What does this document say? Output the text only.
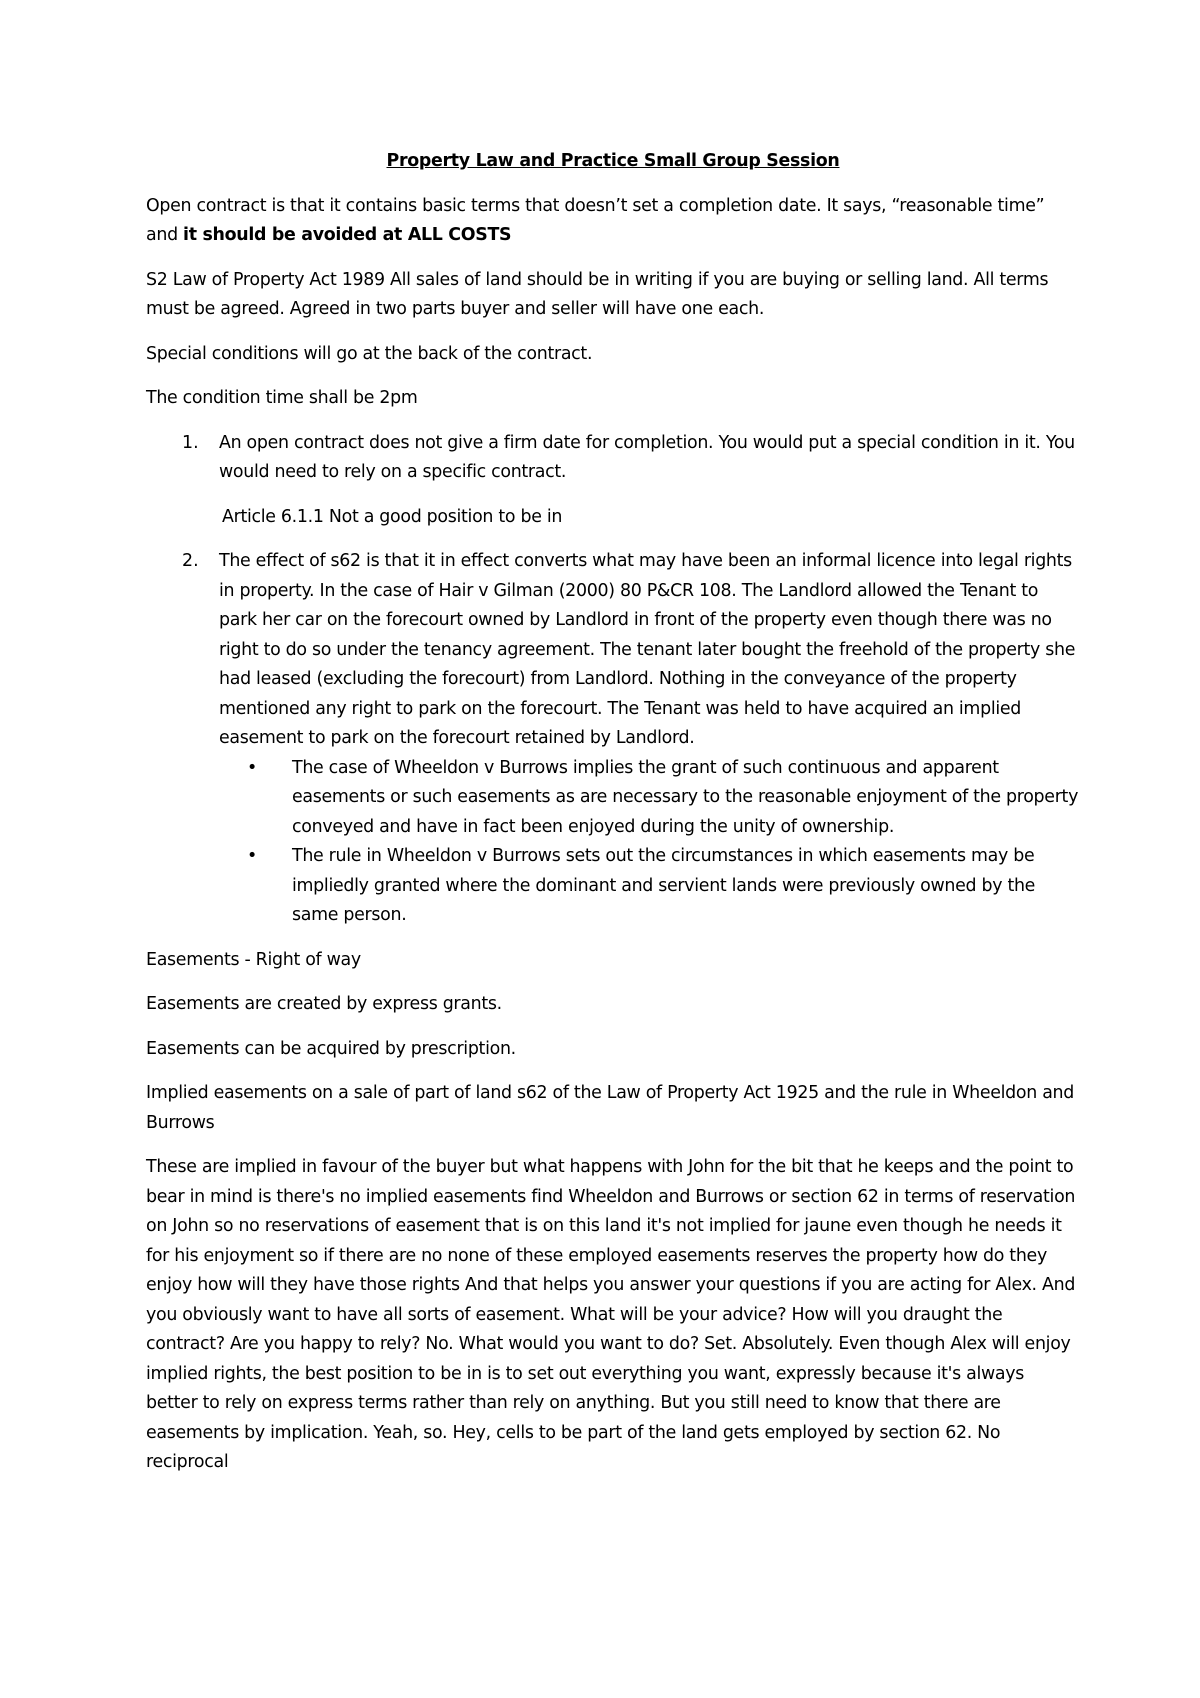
Property Law and Practice Small Group Session
Open contract is that it contains basic terms that doesn’t set a completion date. It says, “reasonable time” and it should be avoided at ALL COSTS
S2 Law of Property Act 1989 All sales of land should be in writing if you are buying or selling land. All terms must be agreed. Agreed in two parts buyer and seller will have one each.
Special conditions will go at the back of the contract.
The condition time shall be 2pm
1. An open contract does not give a firm date for completion. You would put a special condition in it. You would need to rely on a specific contract.
Article 6.1.1 Not a good position to be in
2. The effect of s62 is that it in effect converts what may have been an informal licence into legal rights in property. In the case of Hair v Gilman (2000) 80 P&CR 108. The Landlord allowed the Tenant to park her car on the forecourt owned by Landlord in front of the property even though there was no right to do so under the tenancy agreement. The tenant later bought the freehold of the property she had leased (excluding the forecourt) from Landlord. Nothing in the conveyance of the property mentioned any right to park on the forecourt. The Tenant was held to have acquired an implied easement to park on the forecourt retained by Landlord.
• The case of Wheeldon v Burrows implies the grant of such continuous and apparent easements or such easements as are necessary to the reasonable enjoyment of the property conveyed and have in fact been enjoyed during the unity of ownership.
• The rule in Wheeldon v Burrows sets out the circumstances in which easements may be impliedly granted where the dominant and servient lands were previously owned by the same person.
Easements - Right of way
Easements are created by express grants.
Easements can be acquired by prescription.
Implied easements on a sale of part of land s62 of the Law of Property Act 1925 and the rule in Wheeldon and Burrows
These are implied in favour of the buyer but what happens with John for the bit that he keeps and the point to bear in mind is there's no implied easements find Wheeldon and Burrows or section 62 in terms of reservation on John so no reservations of easement that is on this land it's not implied for jaune even though he needs it for his enjoyment so if there are no none of these employed easements reserves the property how do they enjoy how will they have those rights And that helps you answer your questions if you are acting for Alex. And you obviously want to have all sorts of easement. What will be your advice? How will you draught the contract? Are you happy to rely? No. What would you want to do? Set. Absolutely. Even though Alex will enjoy implied rights, the best position to be in is to set out everything you want, expressly because it's always better to rely on express terms rather than rely on anything. But you still need to know that there are easements by implication. Yeah, so. Hey, cells to be part of the land gets employed by section 62. No reciprocal
